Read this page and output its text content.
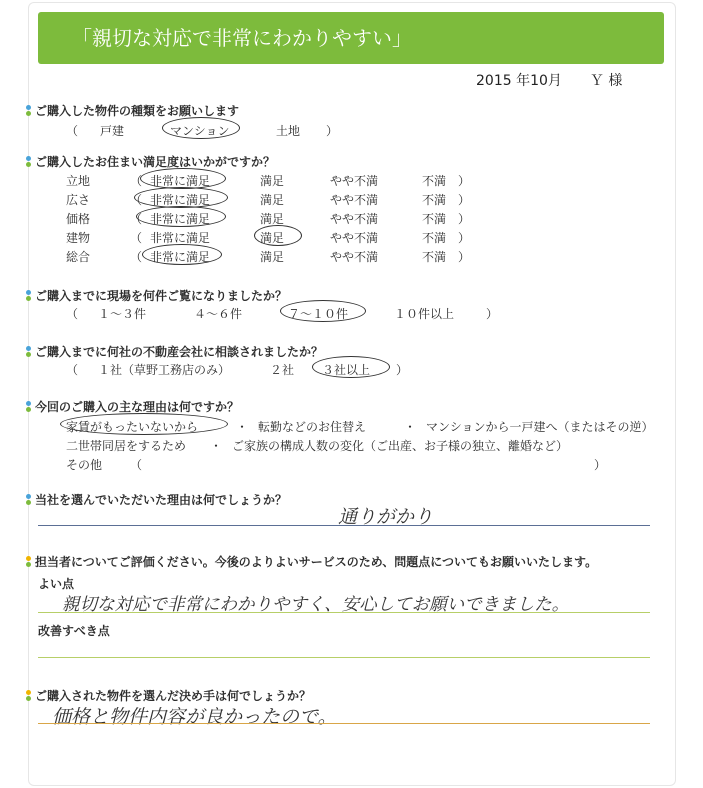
「親切な対応で非常にわかりやすい」
2015 年10月 Ｙ 様
ご購入した物件の種類をお願いします
（ 戸建	マンション	土地 ）
ご購入したお住まい満足度はいかがですか？
立地	（ 非常に満足	満足	やや不満	不満 ）
広さ	（ 非常に満足	満足	やや不満	不満 ）
価格	（ 非常に満足	満足	やや不満	不満 ）
建物	（ 非常に満足	満足	やや不満	不満 ）
総合	（ 非常に満足	満足	やや不満	不満 ）
ご購入までに現場を何件ご覧になりましたか？
（ １～３件	４～６件	７～１０件	１０件以上	）
ご購入までに何社の不動産会社に相談されましたか？
（ １社（草野工務店のみ）	２社 ３社以上 ）
今回のご購入の主な理由は何ですか？
家賃がもったいないから	・ 転勤などのお住替え	・ マンションから一戸建へ（またはその逆）
二世帯同居をするため ・ ご家族の構成人数の変化（ご出産、お子様の独立、離婚など）
その他 （	）
当社を選んでいただいた理由は何でしょうか？
通りがかり
担当者についてご評価ください。今後のよりよいサービスのため、問題点についてもお願いいたします。
よい点
親切な対応で非常にわかりやすく、安心してお願いできました。
改善すべき点
ご購入された物件を選んだ決め手は何でしょうか？
価格と物件内容が良かったので。
